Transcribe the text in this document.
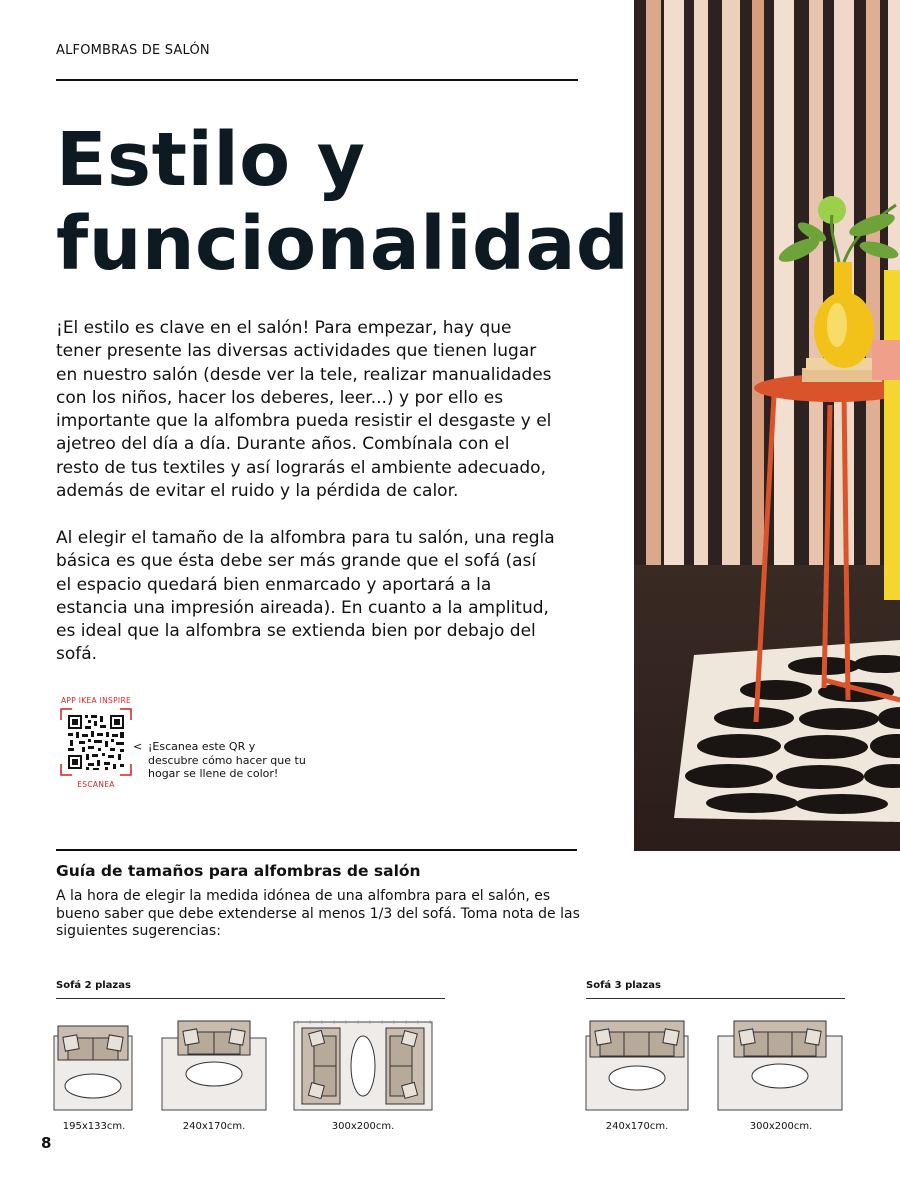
ALFOMBRAS DE SALÓN
Estilo y
funcionalidad

¡El estilo es clave en el salón! Para empezar, hay que tener presente las diversas actividades que tienen lugar en nuestro salón (desde ver la tele, realizar manualidades con los niños, hacer los deberes, leer...) y por ello es importante que la alfombra pueda resistir el desgaste y el ajetreo del día a día. Durante años. Combínala con el resto de tus textiles y así lograrás el ambiente adecuado, además de evitar el ruido y la pérdida de calor.

Al elegir el tamaño de la alfombra para tu salón, una regla básica es que ésta debe ser más grande que el sofá (así el espacio quedará bien enmarcado y aportará a la estancia una impresión aireada). En cuanto a la amplitud, es ideal que la alfombra se extienda bien por debajo del sofá.

APP IKEA INSPIRE
ESCANEA
< ¡Escanea este QR y descubre cómo hacer que tu hogar se llene de color!

Guía de tamaños para alfombras de salón

A la hora de elegir la medida idónea de una alfombra para el salón, es bueno saber que debe extenderse al menos 1/3 del sofá. Toma nota de las siguientes sugerencias:

Sofá 2 plazas	Sofá 3 plazas
195x133cm.	240x170cm.	300x200cm.	240x170cm.	300x200cm.
8
